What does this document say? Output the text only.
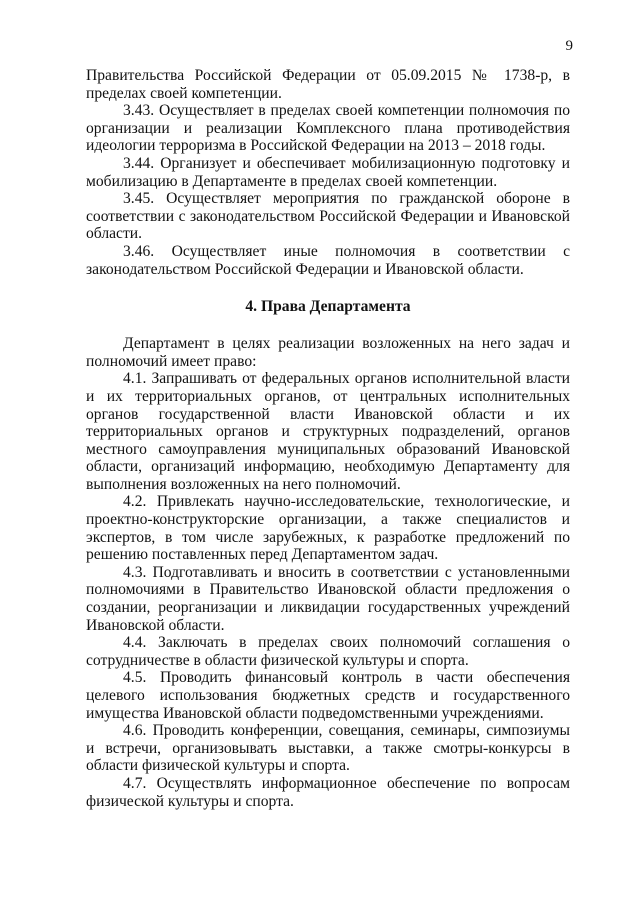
9

Правительства Российской Федерации от 05.09.2015 № 1738-р, в пределах своей компетенции.

3.43. Осуществляет в пределах своей компетенции полномочия по организации и реализации Комплексного плана противодействия идеологии терроризма в Российской Федерации на 2013 – 2018 годы.

3.44. Организует и обеспечивает мобилизационную подготовку и мобилизацию в Департаменте в пределах своей компетенции.

3.45. Осуществляет мероприятия по гражданской обороне в соответствии с законодательством Российской Федерации и Ивановской области.

3.46. Осуществляет иные полномочия в соответствии с законодательством Российской Федерации и Ивановской области.

4. Права Департамента

Департамент в целях реализации возложенных на него задач и полномочий имеет право:

4.1. Запрашивать от федеральных органов исполнительной власти и их территориальных органов, от центральных исполнительных органов государственной власти Ивановской области и их территориальных органов и структурных подразделений, органов местного самоуправления муниципальных образований Ивановской области, организаций информацию, необходимую Департаменту для выполнения возложенных на него полномочий.

4.2. Привлекать научно-исследовательские, технологические, и проектно-конструкторские организации, а также специалистов и экспертов, в том числе зарубежных, к разработке предложений по решению поставленных перед Департаментом задач.

4.3. Подготавливать и вносить в соответствии с установленными полномочиями в Правительство Ивановской области предложения о создании, реорганизации и ликвидации государственных учреждений Ивановской области.

4.4. Заключать в пределах своих полномочий соглашения о сотрудничестве в области физической культуры и спорта.

4.5. Проводить финансовый контроль в части обеспечения целевого использования бюджетных средств и государственного имущества Ивановской области подведомственными учреждениями.

4.6. Проводить конференции, совещания, семинары, симпозиумы и встречи, организовывать выставки, а также смотры-конкурсы в области физической культуры и спорта.

4.7. Осуществлять информационное обеспечение по вопросам физической культуры и спорта.
